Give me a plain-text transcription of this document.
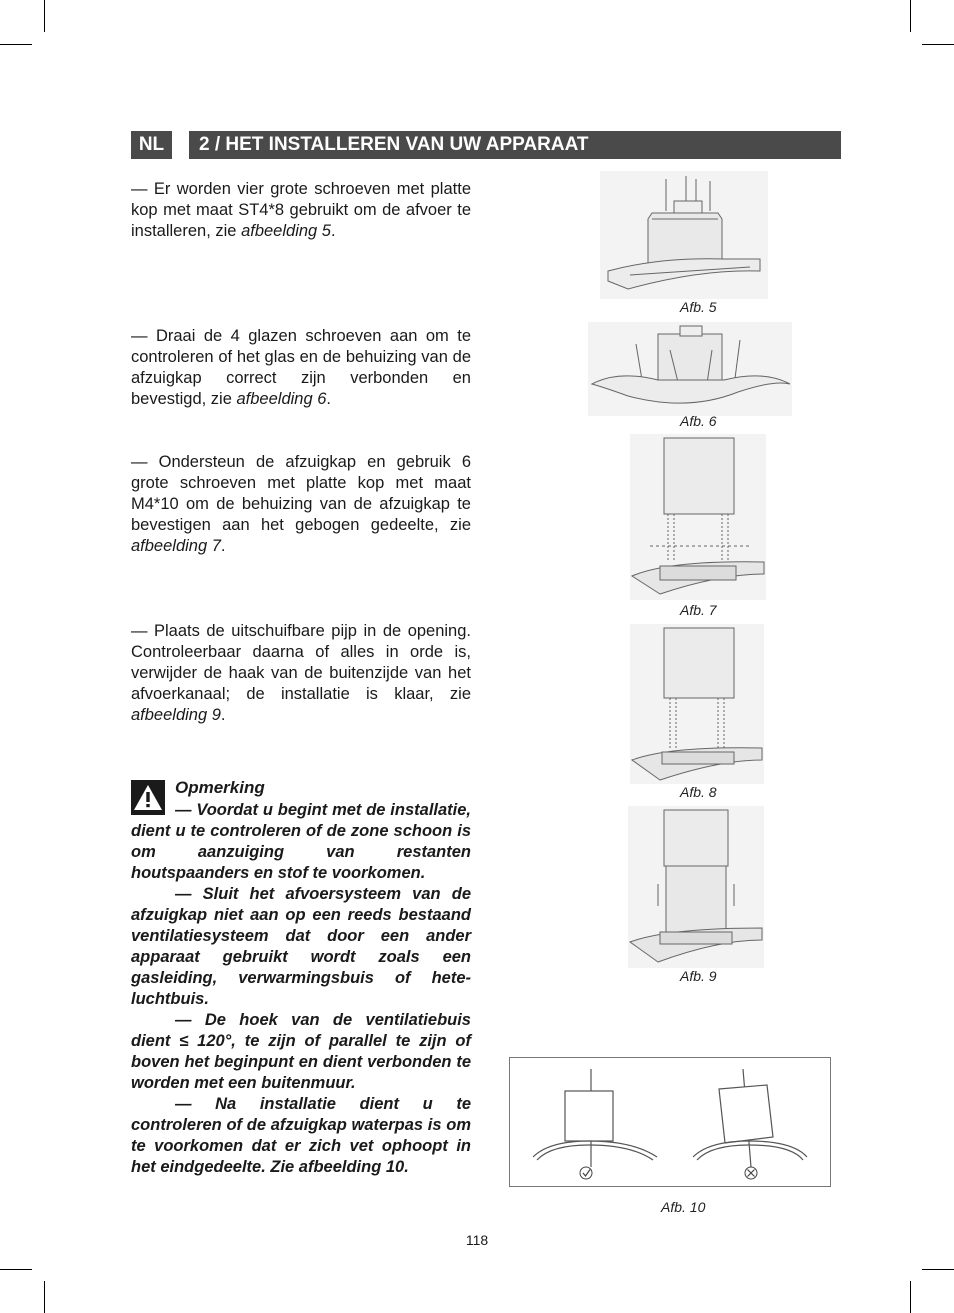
NL	2 / HET INSTALLEREN VAN UW APPARAAT

— Er worden vier grote schroeven met platte kop met maat ST4*8 gebruikt om de afvoer te installeren, zie afbeelding 5.

— Draai de 4 glazen schroeven aan om te controleren of het glas en de behuizing van de afzuigkap correct zijn verbonden en bevestigd, zie afbeelding 6.

— Ondersteun de afzuigkap en gebruik 6 grote schroeven met platte kop met maat M4*10 om de behuizing van de afzuigkap te bevestigen aan het gebogen gedeelte, zie afbeelding 7.

— Plaats de uitschuifbare pijp in de opening. Controleerbaar daarna of alles in orde is, verwijder de haak van de buitenzijde van het afvoerkanaal; de installatie is klaar, zie afbeelding 9.

Opmerking

— Voordat u begint met de installatie, dient u te controleren of de zone schoon is om aanzuiging van restanten houtspaanders en stof te voorkomen.

— Sluit het afvoersysteem van de afzuigkap niet aan op een reeds bestaand ventilatiesysteem dat door een ander apparaat gebruikt wordt zoals een gasleiding, verwarmingsbuis of hete-luchtbuis.

— De hoek van de ventilatiebuis dient ≤ 120°, te zijn of parallel te zijn of boven het beginpunt en dient verbonden te worden met een buitenmuur.

— Na installatie dient u te controleren of de afzuigkap waterpas is om te voorkomen dat er zich vet ophoopt in het eindgedeelte. Zie afbeelding 10.

Afb. 5
Afb. 6
Afb. 7
Afb. 8
Afb. 9
Afb. 10
118
